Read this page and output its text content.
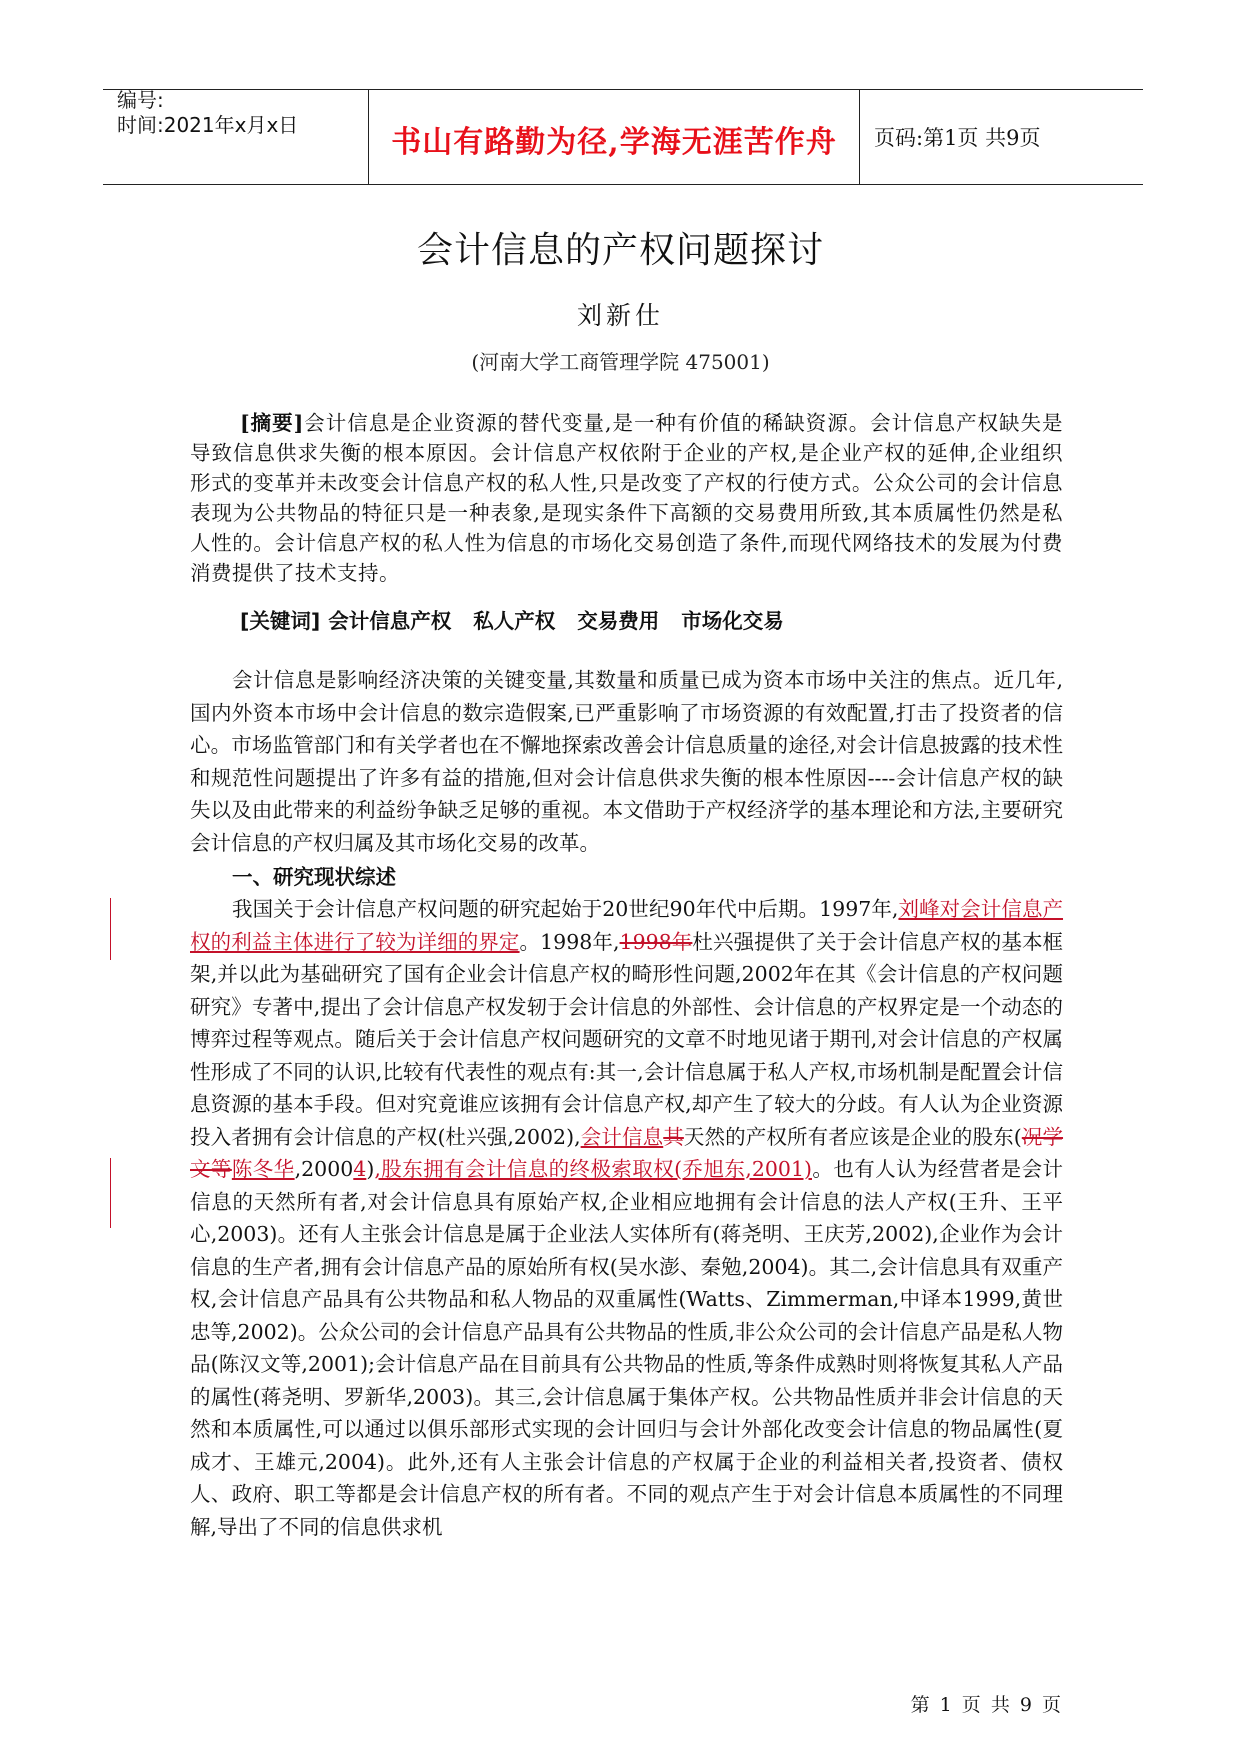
编号:
时间:2021年x月x日	书山有路勤为径,学海无涯苦作舟	页码:第1页 共9页
会计信息的产权问题探讨
刘新仕
(河南大学工商管理学院 475001)
[摘要]会计信息是企业资源的替代变量,是一种有价值的稀缺资源。会计信息产权缺失是导致信息供求失衡的根本原因。会计信息产权依附于企业的产权,是企业产权的延伸,企业组织形式的变革并未改变会计信息产权的私人性,只是改变了产权的行使方式。公众公司的会计信息表现为公共物品的特征只是一种表象,是现实条件下高额的交易费用所致,其本质属性仍然是私人性的。会计信息产权的私人性为信息的市场化交易创造了条件,而现代网络技术的发展为付费消费提供了技术支持。
[关键词] 会计信息产权 私人产权 交易费用 市场化交易
会计信息是影响经济决策的关键变量,其数量和质量已成为资本市场中关注的焦点。近几年,国内外资本市场中会计信息的数宗造假案,已严重影响了市场资源的有效配置,打击了投资者的信心。市场监管部门和有关学者也在不懈地探索改善会计信息质量的途径,对会计信息披露的技术性和规范性问题提出了许多有益的措施,但对会计信息供求失衡的根本性原因----会计信息产权的缺失以及由此带来的利益纷争缺乏足够的重视。本文借助于产权经济学的基本理论和方法,主要研究会计信息的产权归属及其市场化交易的改革。
一、研究现状综述
我国关于会计信息产权问题的研究起始于20世纪90年代中后期。1997年,刘峰对会计信息产权的利益主体进行了较为详细的界定。1998年,1998年杜兴强提供了关于会计信息产权的基本框架,并以此为基础研究了国有企业会计信息产权的畸形性问题,2002年在其《会计信息的产权问题研究》专著中,提出了会计信息产权发轫于会计信息的外部性、会计信息的产权界定是一个动态的博弈过程等观点。随后关于会计信息产权问题研究的文章不时地见诸于期刊,对会计信息的产权属性形成了不同的认识,比较有代表性的观点有:其一,会计信息属于私人产权,市场机制是配置会计信息资源的基本手段。但对究竟谁应该拥有会计信息产权,却产生了较大的分歧。有人认为企业资源投入者拥有会计信息的产权(杜兴强,2002),会计信息其天然的产权所有者应该是企业的股东(况学文等陈冬华,20004),股东拥有会计信息的终极索取权(乔旭东,2001)。也有人认为经营者是会计信息的天然所有者,对会计信息具有原始产权,企业相应地拥有会计信息的法人产权(王升、王平心,2003)。还有人主张会计信息是属于企业法人实体所有(蒋尧明、王庆芳,2002),企业作为会计信息的生产者,拥有会计信息产品的原始所有权(吴水澎、秦勉,2004)。其二,会计信息具有双重产权,会计信息产品具有公共物品和私人物品的双重属性(Watts、Zimmerman,中译本1999,黄世忠等,2002)。公众公司的会计信息产品具有公共物品的性质,非公众公司的会计信息产品是私人物品(陈汉文等,2001);会计信息产品在目前具有公共物品的性质,等条件成熟时则将恢复其私人产品的属性(蒋尧明、罗新华,2003)。其三,会计信息属于集体产权。公共物品性质并非会计信息的天然和本质属性,可以通过以俱乐部形式实现的会计回归与会计外部化改变会计信息的物品属性(夏成才、王雄元,2004)。此外,还有人主张会计信息的产权属于企业的利益相关者,投资者、债权人、政府、职工等都是会计信息产权的所有者。不同的观点产生于对会计信息本质属性的不同理解,导出了不同的信息供求机
第 1 页 共 9 页
